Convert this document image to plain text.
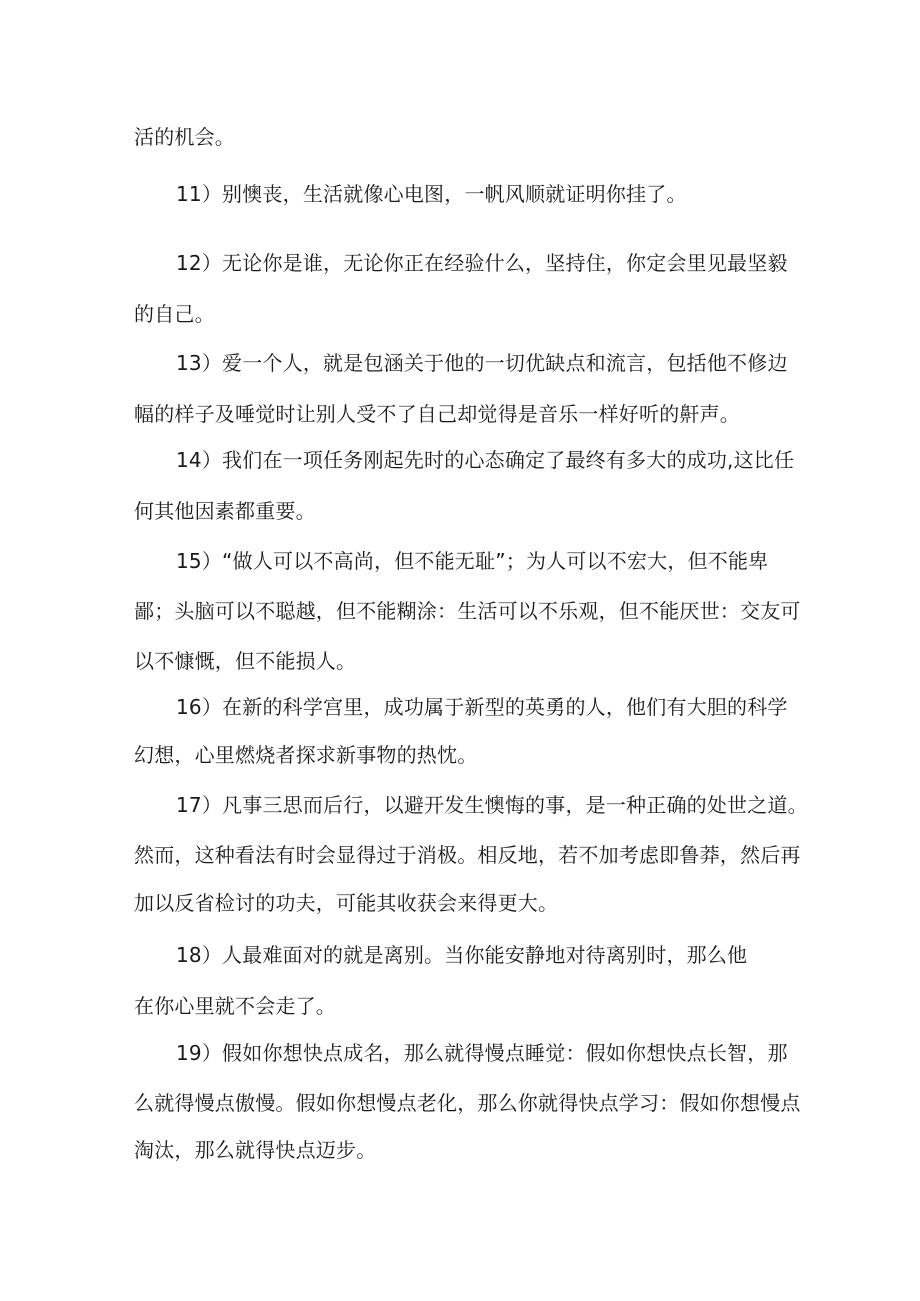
活的机会。

11）别懊丧，生活就像心电图，一帆风顺就证明你挂了。

12）无论你是谁，无论你正在经验什么，坚持住，你定会里见最坚毅

的自己。

13）爱一个人，就是包涵关于他的一切优缺点和流言，包括他不修边

幅的样子及唾觉时让别人受不了自己却觉得是音乐一样好听的鼾声。

14）我们在一项任务刚起先时的心态确定了最终有多大的成功,这比任

何其他因素都重要。

15）“做人可以不高尚，但不能无耻”；为人可以不宏大，但不能卑

鄙；头脑可以不聪越，但不能糊涂：生活可以不乐观，但不能厌世：交友可

以不慷慨，但不能损人。

16）在新的科学宫里，成功属于新型的英勇的人，他们有大胆的科学

幻想，心里燃烧者探求新事物的热忱。

17）凡事三思而后行，以避开发生懊悔的事，是一种正确的处世之道。

然而，这种看法有时会显得过于消极。相反地，若不加考虑即鲁莽，然后再

加以反省检讨的功夫，可能其收获会来得更大。

18）人最难面对的就是离别。当你能安静地对待离别时，那么他

在你心里就不会走了。

19）假如你想快点成名，那么就得慢点睡觉：假如你想快点长智，那

么就得慢点傲慢。假如你想慢点老化，那么你就得快点学习：假如你想慢点

淘汰，那么就得快点迈步。
